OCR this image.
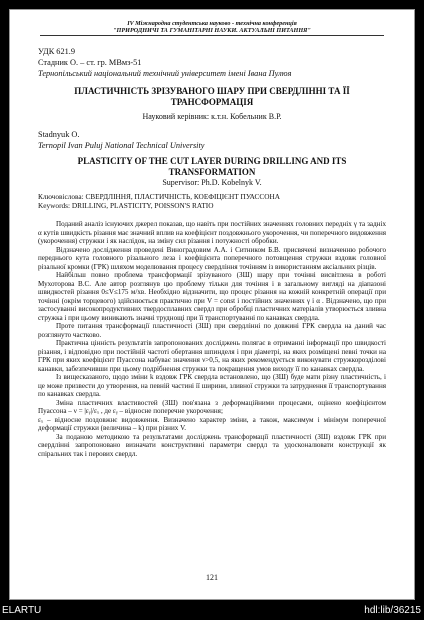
IV Міжнародна студентська науково - технічна конференція
"ПРИРОДНИЧІ ТА ГУМАНІТАРНІ НАУКИ. АКТУАЛЬНІ ПИТАННЯ"
УДК 621.9
Стадник О. – ст. гр. МВмз-51
Тернопільський національний технічний університет імені Івана Пулюя
ПЛАСТИЧНІСТЬ ЗРІЗУВАНОГО ШАРУ ПРИ СВЕРДЛІННІ ТА ЇЇ
ТРАНСФОРМАЦІЯ
Науковий керівник: к.т.н. Кобельник В.Р.
Stadnyuk O.
Ternopil Ivan Puluj National Technical University
PLASTICITY OF THE CUT LAYER DURING DRILLING AND ITS
TRANSFORMATION
Supervisor: Ph.D. Kobelnyk V.
Ключовіслова: СВЕРДЛІННЯ, ПЛАСТИЧНІСТЬ, КОЕФІЦІЄНТ ПУАССОНА
Keywords: DRILLING, PLASTICITY, POISSON'S RATIO

Поданий аналіз існуючих джерел показав, що навіть при постійних значеннях головних передніх γ та задніх α кутів швидкість різання має значний вплив на коефіцієнт поздовжнього укорочення, чи поперечного видовження (укорочення) стружки і як наслідок, на зміну сил різання і потужності обробки.

Відзначено дослідження проведені Виноградовим А.А. і Ситником Б.В. присвячені визначенню робочого переднього кута головного різального леза і коефіцієнта поперечного потовщення стружки вздовж головної різальної кромки (ГРК) шляхом моделювання процесу свердління точінням із використанням аксіальних різців.

Найбільш повно проблема трансформації зрізуваного (ЗШ) шару при точінні висвітлена в роботі Мухоторова В.С. Але автор розглянув цю проблему тільки для точіння і в загальному вигляді на діапазоні швидкостей різання 0≤V≤175 м/хв. Необхідно відзначити, що процес різання на кожній конкретній операції при точінні (окрім торцевого) здійснюється практично при V = const і постійних значеннях γ і α . Відзначено, що при застосуванні високопродуктивних твердосплавних свердл при обробці пластичних матеріалів утворюється зливна стружка і при цьому виникають значні труднощі при її транспортуванні по канавках свердла.

Проте питання трансформації пластичності (ЗШ) при свердлінні по довжині ГРК свердла на даний час розглянуто частково.

Практична цінність результатів запропонованих досліджень полягає в отриманні інформації про швидкості різання, і відповідно при постійній частоті обертання шпинделя і при діаметрі, на яких розміщені певні точки на ГРК при яких коефіцієнт Пуассона набуває значення ν>0,5, на яких рекомендується виконувати стружкорозділові канавки, забезпечивши при цьому подрібнення стружки та покращення умов виходу її по канавках свердла.

Із вищесказаного, щодо зміни k вздовж ГРК свердла встановлено, що (ЗШ) буде мати різну пластичність, і це може призвести до утворення, на певній частині її ширини, зливної стружки та затруднення її транспортування по канавках свердла.

Зміна пластичних властивостей (ЗШ) пов'язана з деформаційними процесами, оцінено коефіцієнтом Пуассона – ν = |εᵧ|/εₓ , де εᵧ – відносне поперечне укорочення;

εₓ – відносне поздовжнє видовження. Визначено характер зміни, а також, максимум і мінімум поперечної деформації стружки (величина – k) при різних V.

За поданою методикою та результатами досліджень трансформації пластичності (ЗШ) вздовж ГРК при свердлінні запропоновано визначати конструктивні параметри свердл та удосконалювати конструкції як спіральних так і перових свердл.

121
ELARTU	hdl:lib/36215
